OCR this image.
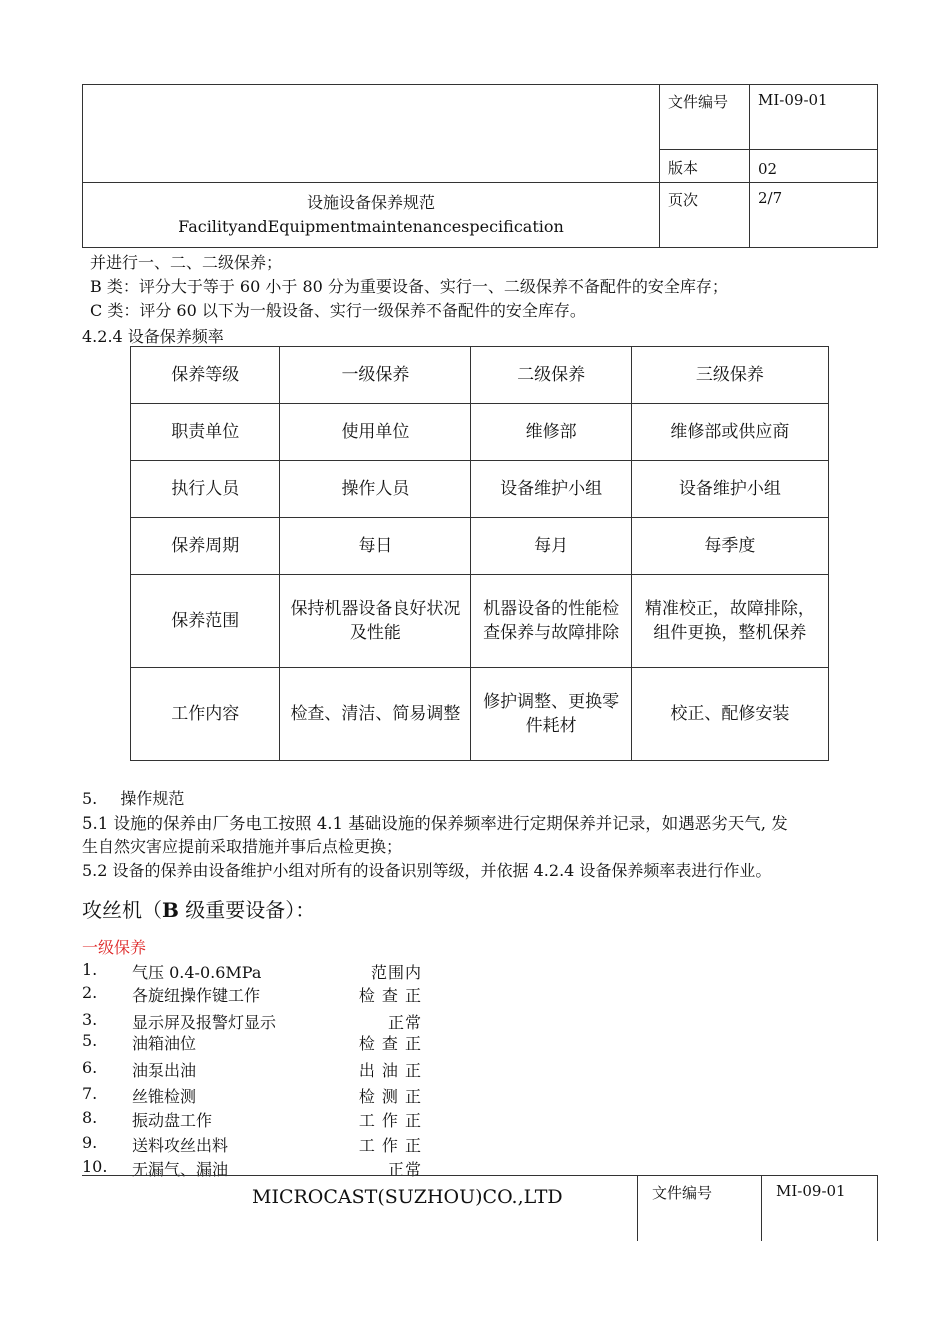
	文件编号	MI-09-01
	版本	02

设施设备保养规范
FacilityandEquipmentmaintenancespecification	页次	2/7
并进行一、二、二级保养；
B 类：评分大于等于 60 小于 80 分为重要设备、实行一、二级保养不备配件的安全库存；
C 类：评分 60 以下为一般设备、实行一级保养不备配件的安全库存。
4.2.4 设备保养频率
保养等级	一级保养	二级保养	三级保养
职责单位	使用单位	维修部	维修部或供应商
执行人员	操作人员	设备维护小组	设备维护小组
保养周期	每日	每月	每季度
保养范围	保持机器设备良好状况及性能	机器设备的性能检查保养与故障排除	精准校正，故障排除，组件更换，整机保养
工作内容	检查、清洁、简易调整	修护调整、更换零件耗材	校正、配修安装
5. 操作规范
5.1 设施的保养由厂务电工按照 4.1 基础设施的保养频率进行定期保养并记录，如遇恶劣天气, 发
生自然灾害应提前采取措施并事后点检更换；
5.2 设备的保养由设备维护小组对所有的设备识别等级，并依据 4.2.4 设备保养频率表进行作业。
攻丝机（B 级重要设备）：
一级保养
1. 气压 0.4-0.6MPa	范围内
2. 各旋纽操作键工作	检 查 正
3. 显示屏及报警灯显示	正常
5. 油箱油位	检 查 正
6. 油泵出油	出 油 正
7. 丝锥检测	检 测 正
8. 振动盘工作	工 作 正
9. 送料攻丝出料	工 作 正
10. 无漏气、漏油	正常
MICROCAST(SUZHOU)CO.,LTD	文件编号	MI-09-01
